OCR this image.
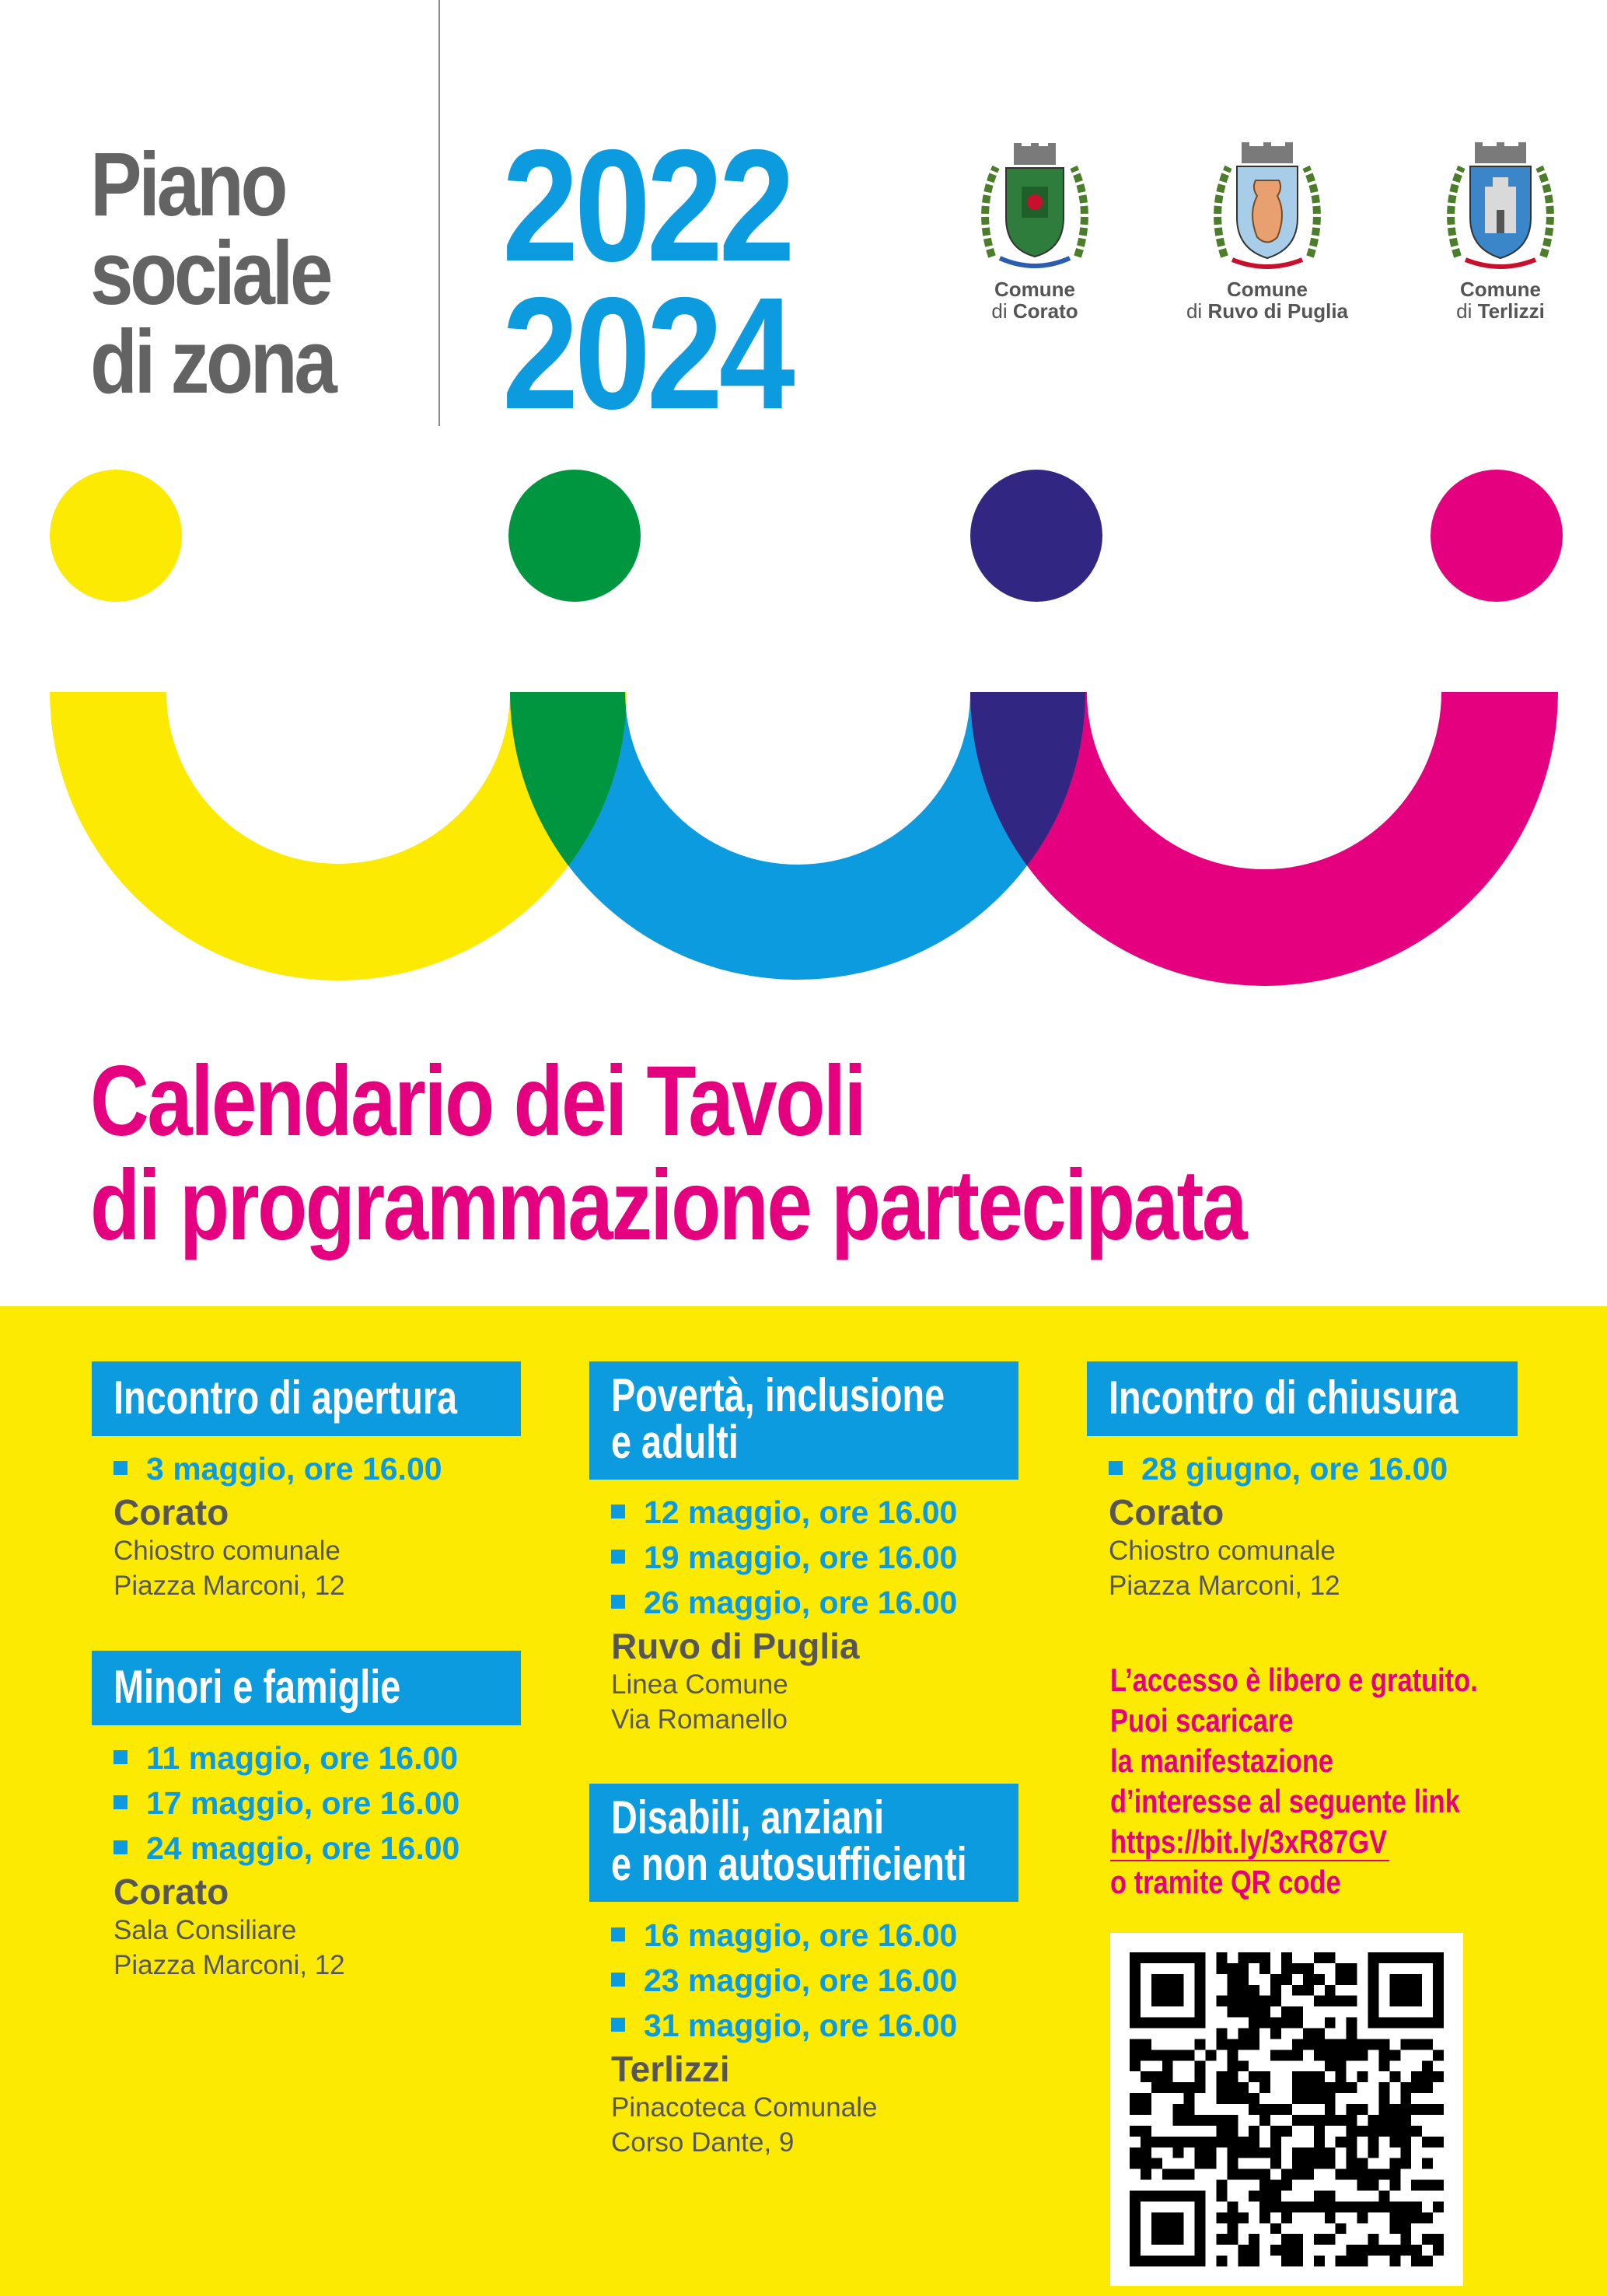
Piano
sociale
di zona
2022
2024	Comune
di Corato
Comune
di Ruvo di Puglia
Comune
di Terlizzi
Calendario dei Tavoli
di programmazione partecipata
Incontro di apertura
3 maggio, ore 16.00
Corato
Chiostro comunale
Piazza Marconi, 12
Minori e famiglie
11 maggio, ore 16.00
17 maggio, ore 16.00
24 maggio, ore 16.00
Corato
Sala Consiliare
Piazza Marconi, 12
Povertà, inclusione
e adulti
12 maggio, ore 16.00
19 maggio, ore 16.00
26 maggio, ore 16.00
Ruvo di Puglia
Linea Comune
Via Romanello
Disabili, anziani
e non autosufficienti
16 maggio, ore 16.00
23 maggio, ore 16.00
31 maggio, ore 16.00
Terlizzi
Pinacoteca Comunale
Corso Dante, 9
Incontro di chiusura
28 giugno, ore 16.00
Corato
Chiostro comunale
Piazza Marconi, 12
L’accesso è libero e gratuito.
Puoi scaricare
la manifestazione
d’interesse al seguente link
https://bit.ly/3xR87GV
o tramite QR code
